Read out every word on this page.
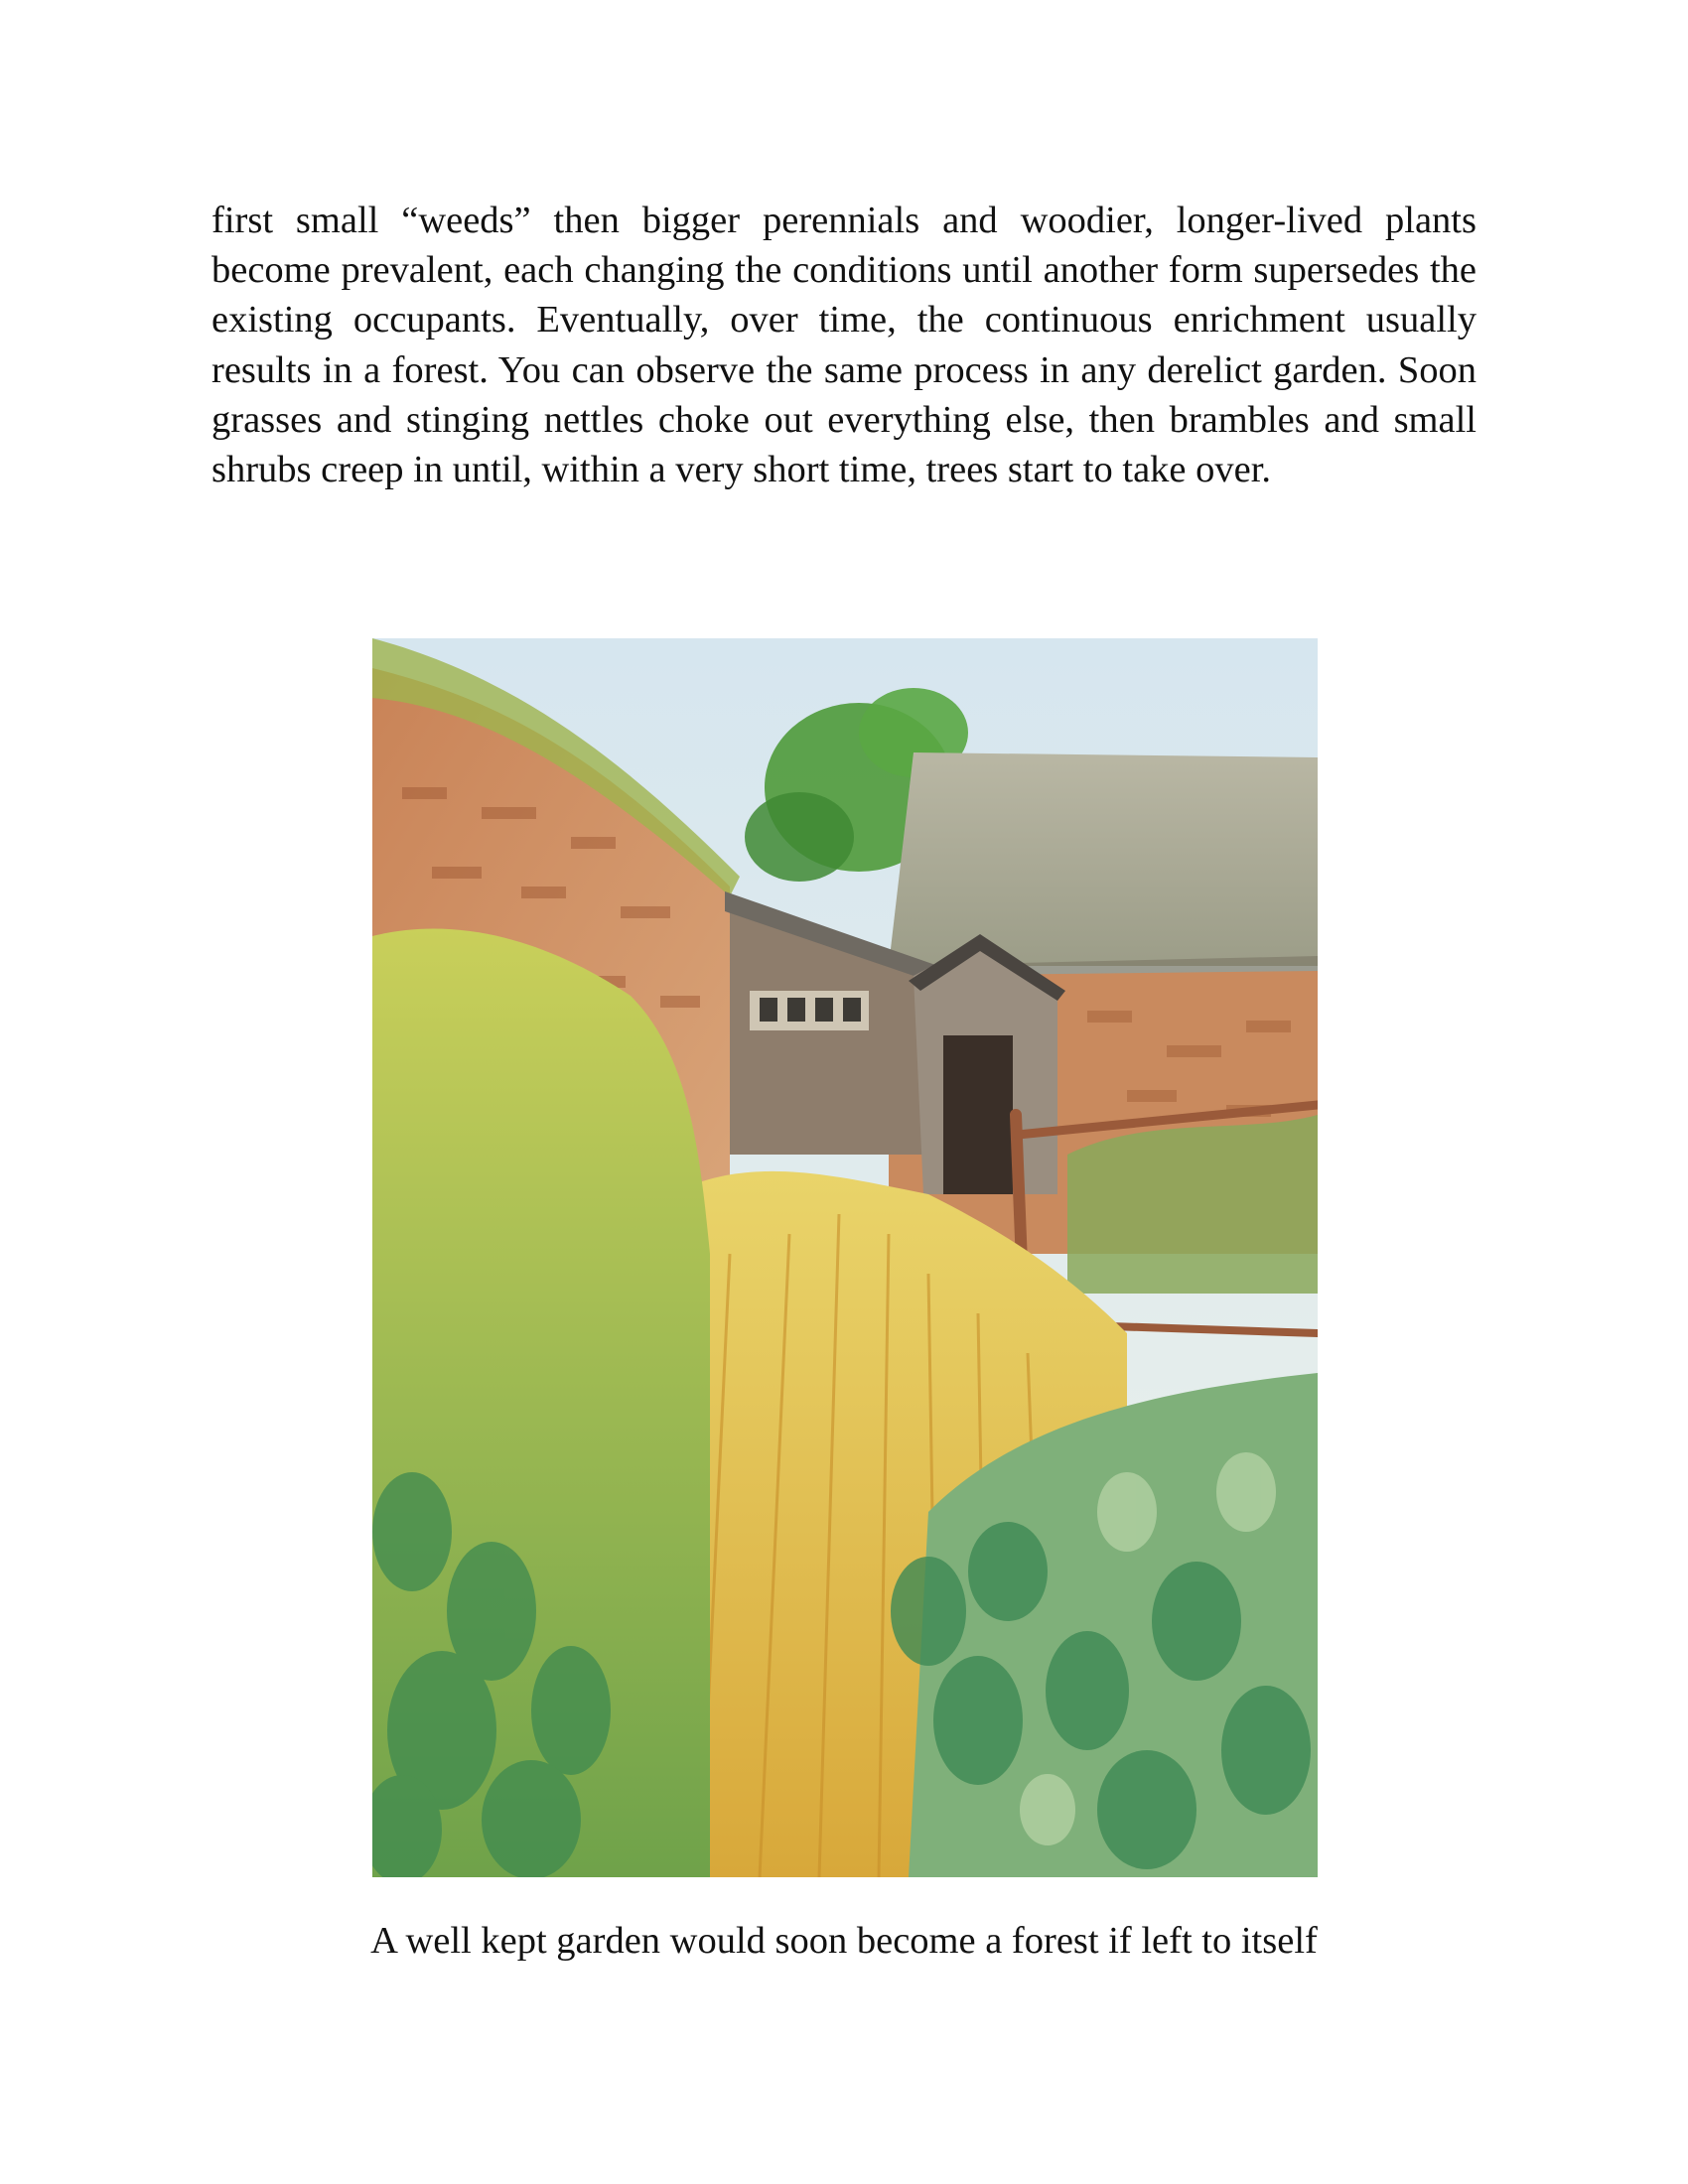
first small “weeds” then bigger perennials and woodier, longer-lived plants become prevalent, each changing the conditions until another form supersedes the existing occupants. Eventually, over time, the continuous enrichment usually results in a forest. You can observe the same process in any derelict garden. Soon grasses and stinging nettles choke out everything else, then brambles and small shrubs creep in until, within a very short time, trees start to take over.

A well kept garden would soon become a forest if left to itself
